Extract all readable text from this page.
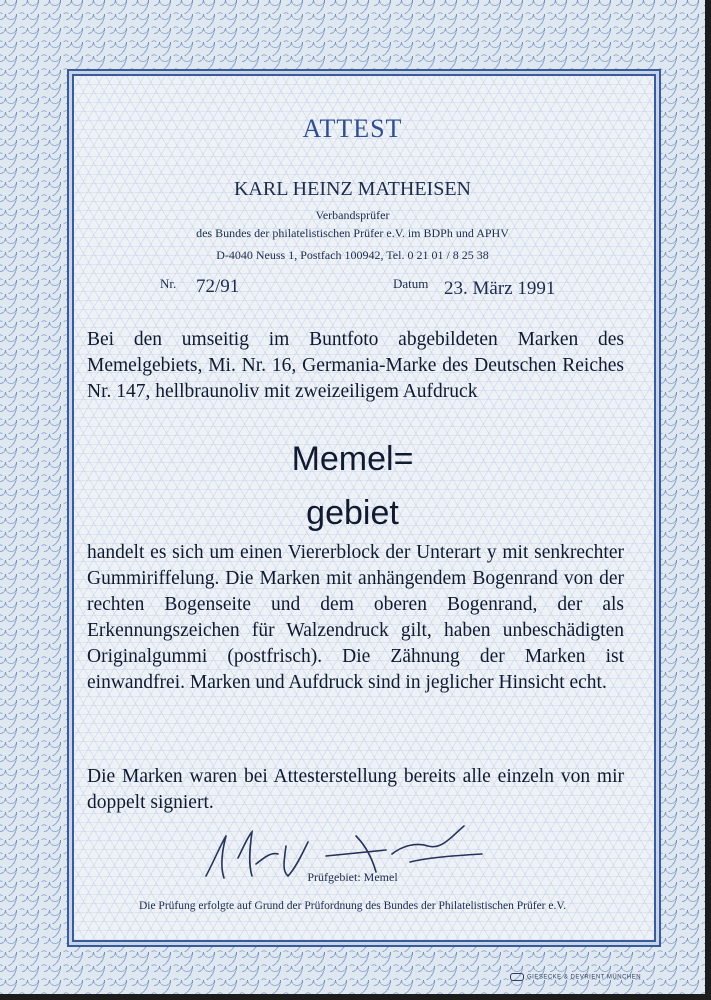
ATTEST
KARL HEINZ MATHEISEN
Verbandsprüfer
des Bundes der philatelistischen Prüfer e.V. im BDPh und APHV
D-4040 Neuss 1, Postfach 100942, Tel. 0 21 01 / 8 25 38
Nr. 72/91	Datum 23. März 1991
Bei den umseitig im Buntfoto abgebildeten Marken des Memelgebiets, Mi. Nr. 16, Germania-Marke des Deutschen Reiches Nr. 147, hellbraunoliv mit zweizeiligem Aufdruck
Memel=
gebiet
handelt es sich um einen Viererblock der Unterart y mit senkrechter Gummiriffelung. Die Marken mit anhängendem Bogenrand von der rechten Bogenseite und dem oberen Bogenrand, der als Erkennungszeichen für Walzendruck gilt, haben unbeschädigten Originalgummi (postfrisch). Die Zähnung der Marken ist einwandfrei. Marken und Aufdruck sind in jeglicher Hinsicht echt.
Die Marken waren bei Attesterstellung bereits alle einzeln von mir doppelt signiert.
Prüfgebiet: Memel
Die Prüfung erfolgte auf Grund der Prüfordnung des Bundes der Philatelistischen Prüfer e.V.
GIESECKE & DEVRIENT MÜNCHEN
